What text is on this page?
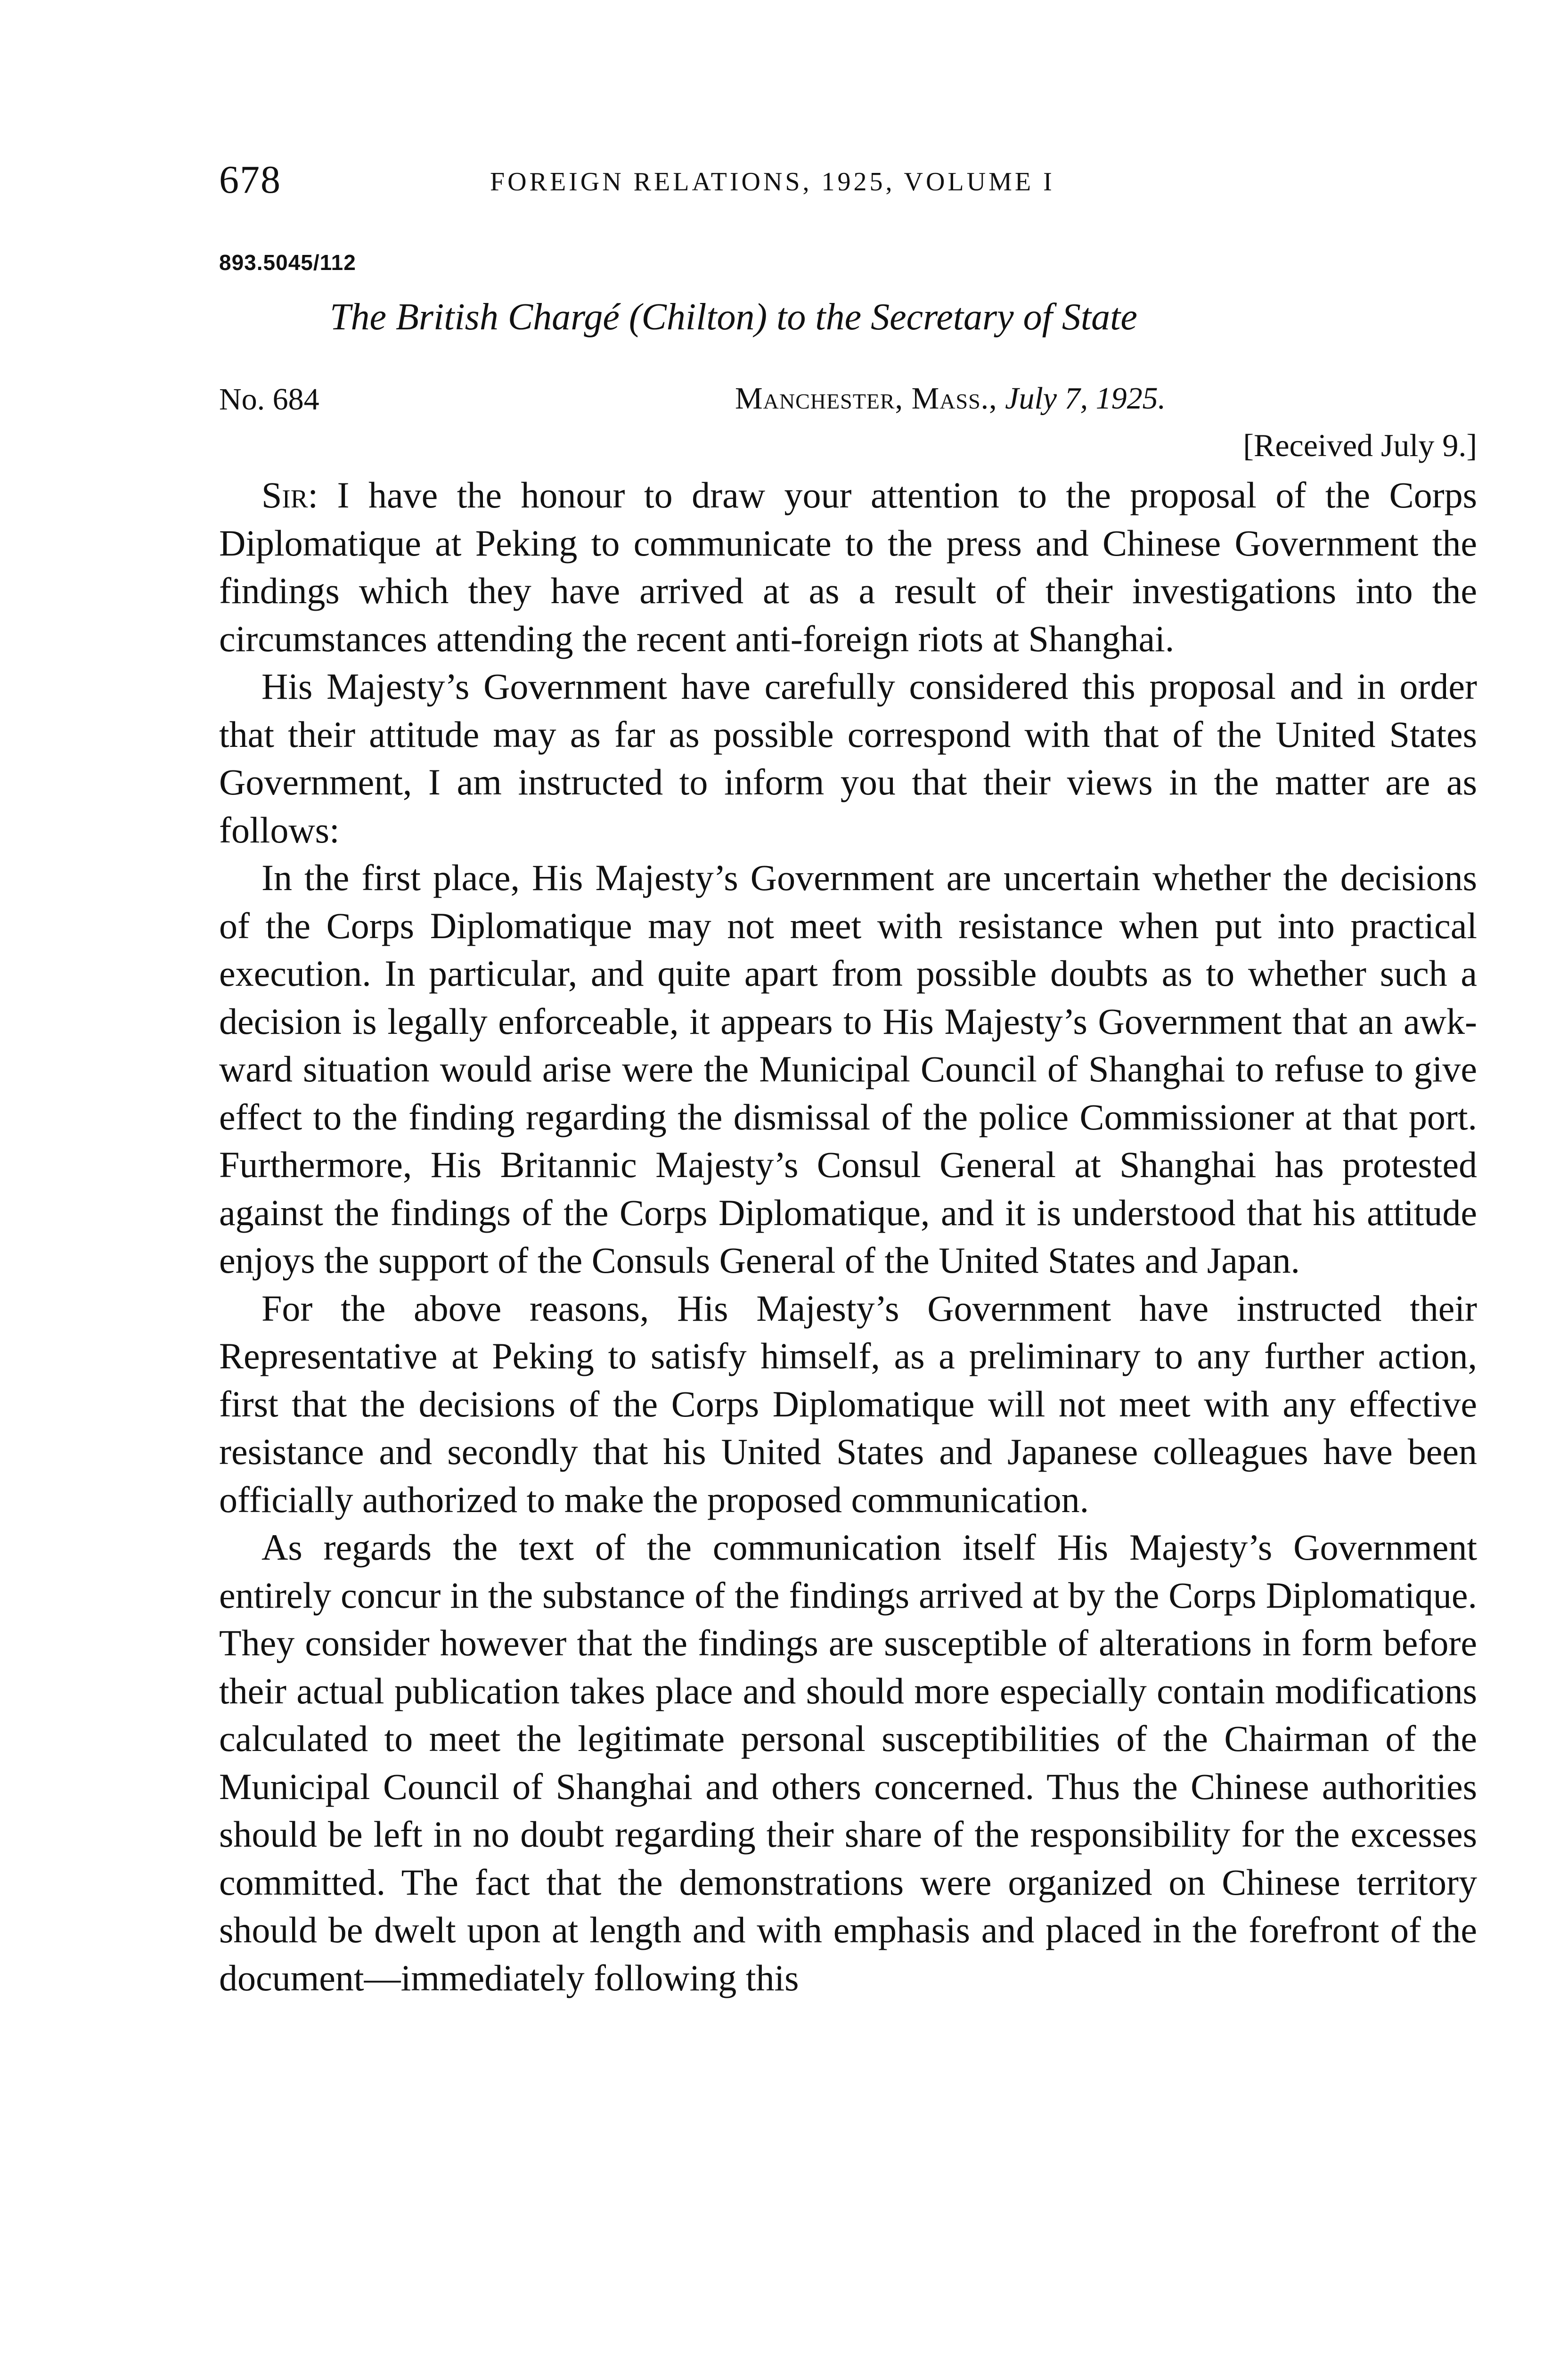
678	FOREIGN RELATIONS, 1925, VOLUME I
893.5045/112
The British Chargé (Chilton) to the Secretary of State
No. 684	Manchester, Mass., July 7, 1925.
[Received July 9.]

Sir: I have the honour to draw your attention to the proposal of the Corps Diplomatique at Peking to communicate to the press and Chinese Government the findings which they have arrived at as a result of their investigations into the circumstances attending the recent anti-foreign riots at Shanghai.

His Majesty’s Government have carefully considered this proposal and in order that their attitude may as far as possible correspond with that of the United States Government, I am instructed to inform you that their views in the matter are as follows:

In the first place, His Majesty’s Government are uncertain whether the decisions of the Corps Diplomatique may not meet with resistance when put into practical execution. In particular, and quite apart from possible doubts as to whether such a decision is legally enforceable, it appears to His Majesty’s Government that an awkward situation would arise were the Municipal Council of Shanghai to refuse to give effect to the finding regarding the dismissal of the police Commissioner at that port. Furthermore, His Britannic Majesty’s Consul General at Shanghai has protested against the findings of the Corps Diplomatique, and it is understood that his attitude enjoys the support of the Consuls General of the United States and Japan.

For the above reasons, His Majesty’s Government have instructed their Representative at Peking to satisfy himself, as a preliminary to any further action, first that the decisions of the Corps Diplomatique will not meet with any effective resistance and secondly that his United States and Japanese colleagues have been officially authorized to make the proposed communication.

As regards the text of the communication itself His Majesty’s Government entirely concur in the substance of the findings arrived at by the Corps Diplomatique. They consider however that the findings are susceptible of alterations in form before their actual publication takes place and should more especially contain modifications calculated to meet the legitimate personal susceptibilities of the Chairman of the Municipal Council of Shanghai and others concerned. Thus the Chinese authorities should be left in no doubt regarding their share of the responsibility for the excesses committed. The fact that the demonstrations were organized on Chinese territory should be dwelt upon at length and with emphasis and placed in the forefront of the document—immediately following this
